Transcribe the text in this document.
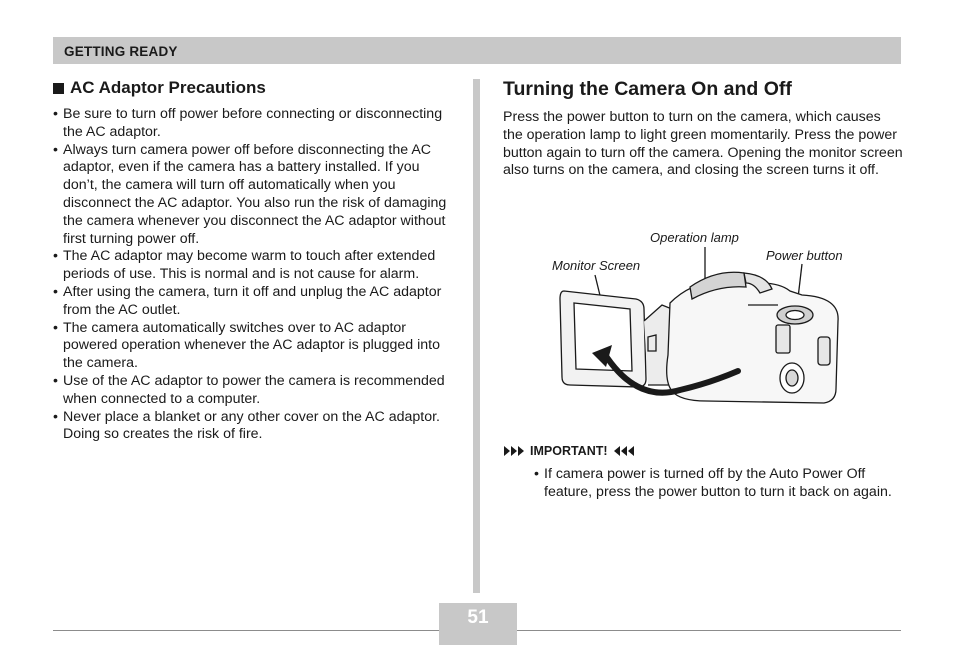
GETTING READY
AC Adaptor Precautions
• Be sure to turn off power before connecting or disconnecting the AC adaptor.
• Always turn camera power off before disconnecting the AC adaptor, even if the camera has a battery installed. If you don’t, the camera will turn off automatically when you disconnect the AC adaptor. You also run the risk of damaging the camera whenever you disconnect the AC adaptor without first turning power off.
• The AC adaptor may become warm to touch after extended periods of use. This is normal and is not cause for alarm.
• After using the camera, turn it off and unplug the AC adaptor from the AC outlet.
• The camera automatically switches over to AC adaptor powered operation whenever the AC adaptor is plugged into the camera.
• Use of the AC adaptor to power the camera is recommended when connected to a computer.
• Never place a blanket or any other cover on the AC adaptor. Doing so creates the risk of fire.
Turning the Camera On and Off

Press the power button to turn on the camera, which causes the operation lamp to light green momentarily. Press the power button again to turn off the camera. Opening the monitor screen also turns on the camera, and closing the screen turns it off.

Operation lamp
Monitor Screen
Power button
IMPORTANT!
• If camera power is turned off by the Auto Power Off feature, press the power button to turn it back on again.
51
